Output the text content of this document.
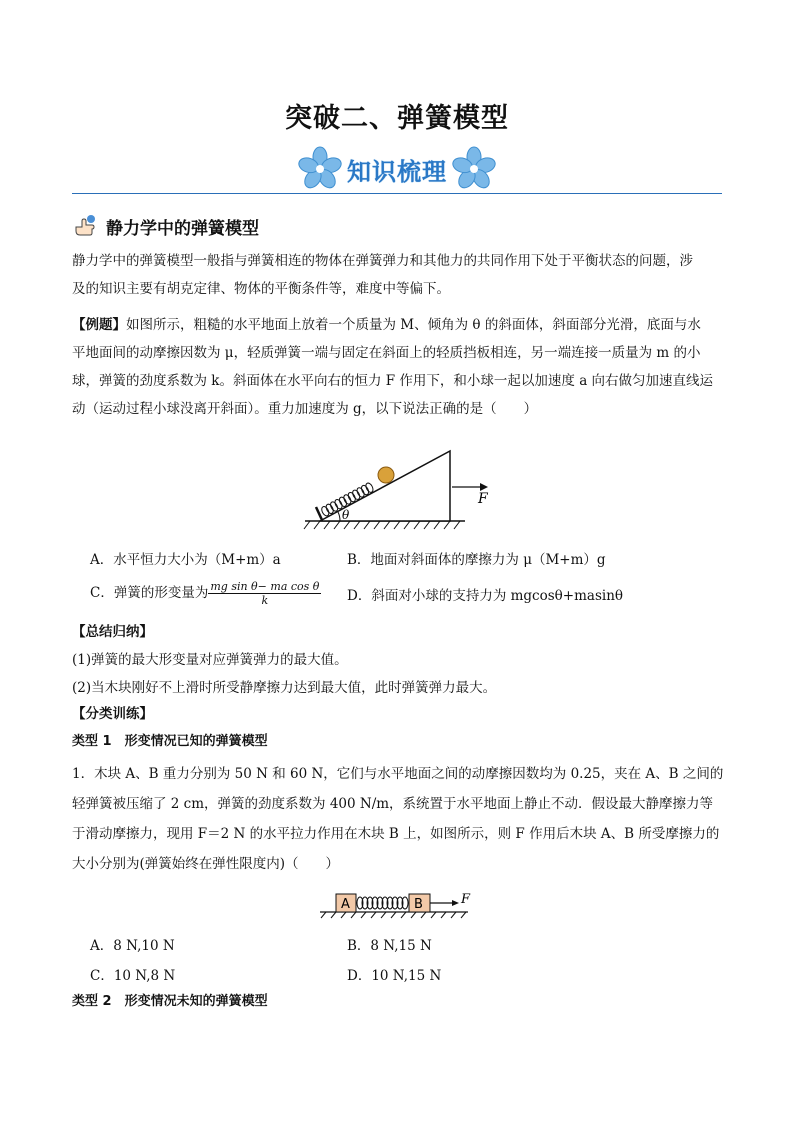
突破二、弹簧模型
知识梳理
静力学中的弹簧模型

静力学中的弹簧模型一般指与弹簧相连的物体在弹簧弹力和其他力的共同作用下处于平衡状态的问题，涉

及的知识主要有胡克定律、物体的平衡条件等，难度中等偏下。

【例题】如图所示，粗糙的水平地面上放着一个质量为 M、倾角为 θ 的斜面体，斜面部分光滑，底面与水

平地面间的动摩擦因数为 μ，轻质弹簧一端与固定在斜面上的轻质挡板相连，另一端连接一质量为 m 的小

球，弹簧的劲度系数为 k。斜面体在水平向右的恒力 F 作用下，和小球一起以加速度 a 向右做匀加速直线运

动（运动过程小球没离开斜面）。重力加速度为 g，以下说法正确的是（　　）

θ
F
A．水平恒力大小为（M+m）a	B．地面对斜面体的摩擦力为 μ（M+m）g
C．弹簧的形变量为 $\frac{\text{mg sin θ− ma cos θ}}{k}$ D．斜面对小球的支持力为 mgcosθ+masinθ

【总结归纳】

(1)弹簧的最大形变量对应弹簧弹力的最大值。

(2)当木块刚好不上滑时所受静摩擦力达到最大值，此时弹簧弹力最大。

【分类训练】

类型 1　形变情况已知的弹簧模型

1．木块 A、B 重力分别为 50 N 和 60 N，它们与水平地面之间的动摩擦因数均为 0.25，夹在 A、B 之间的

轻弹簧被压缩了 2 cm，弹簧的劲度系数为 400 N/m，系统置于水平地面上静止不动．假设最大静摩擦力等

于滑动摩擦力，现用 F＝2 N 的水平拉力作用在木块 B 上，如图所示，则 F 作用后木块 A、B 所受摩擦力的

大小分别为(弹簧始终在弹性限度内)（　　）

A	B	F
A．8 N,10 N	B．8 N,15 N
C．10 N,8 N	D．10 N,15 N

类型 2　形变情况未知的弹簧模型
